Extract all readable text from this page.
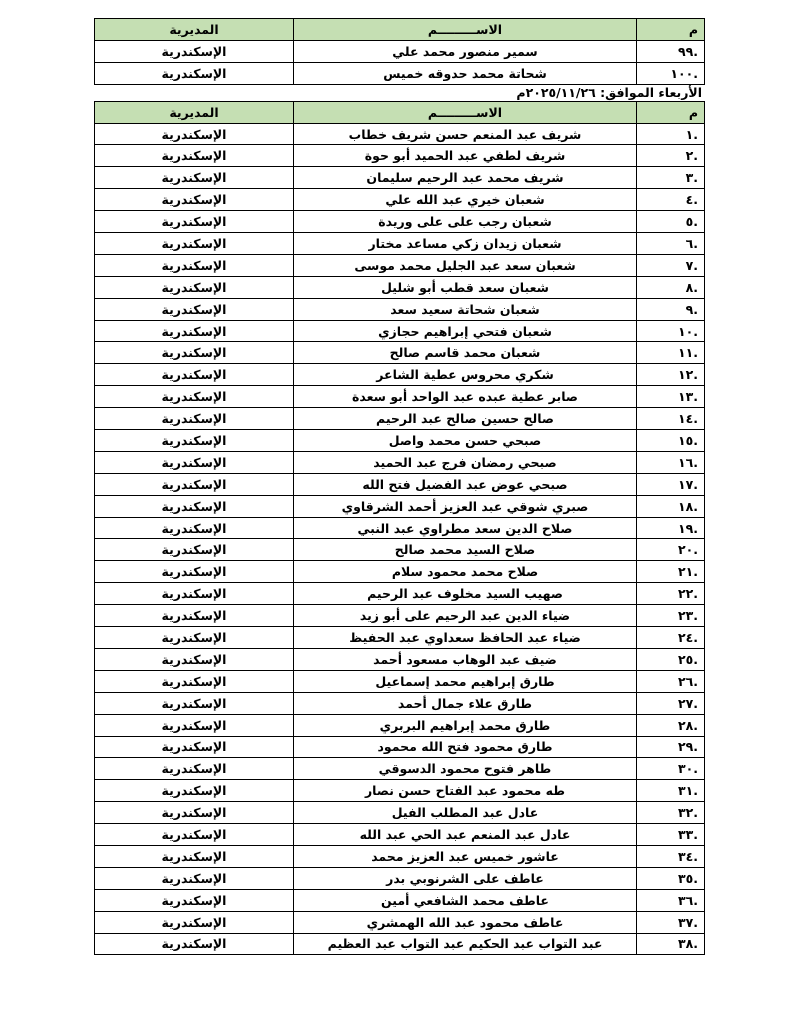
م	الاســـــــــم	المديرية
.٩٩	سمير منصور محمد علي	الإسكندرية
.١٠٠	شحاتة محمد حدوقه خميس	الإسكندرية
الأربعاء الموافق: ٢٠٢٥/١١/٢٦م
م	الاســـــــــم	المديرية
.١	شريف عبد المنعم حسن شريف خطاب	الإسكندرية
.٢	شريف لطفي عبد الحميد أبو حوة	الإسكندرية
.٣	شريف محمد عبد الرحيم سليمان	الإسكندرية
.٤	شعبان خيري عبد الله علي	الإسكندرية
.٥	شعبان رجب على على وريدة	الإسكندرية
.٦	شعبان زيدان زكي مساعد مختار	الإسكندرية
.٧	شعبان سعد عبد الجليل محمد موسى	الإسكندرية
.٨	شعبان سعد قطب أبو شليل	الإسكندرية
.٩	شعبان شحاتة سعيد سعد	الإسكندرية
.١٠	شعبان فتحي إبراهيم حجازي	الإسكندرية
.١١	شعبان محمد قاسم صالح	الإسكندرية
.١٢	شكري محروس عطية الشاعر	الإسكندرية
.١٣	صابر عطية عبده عبد الواحد أبو سعدة	الإسكندرية
.١٤	صالح حسين صالح عبد الرحيم	الإسكندرية
.١٥	صبحي حسن محمد واصل	الإسكندرية
.١٦	صبحي رمضان فرج عبد الحميد	الإسكندرية
.١٧	صبحي عوض عبد الفضيل فتح الله	الإسكندرية
.١٨	صبري شوقي عبد العزيز أحمد الشرقاوي	الإسكندرية
.١٩	صلاح الدين سعد مطراوي عبد النبي	الإسكندرية
.٢٠	صلاح السيد محمد صالح	الإسكندرية
.٢١	صلاح محمد محمود سلام	الإسكندرية
.٢٢	صهيب السيد مخلوف عبد الرحيم	الإسكندرية
.٢٣	ضياء الدين عبد الرحيم على أبو زيد	الإسكندرية
.٢٤	ضياء عبد الحافظ سعداوي عبد الحفيظ	الإسكندرية
.٢٥	ضيف عبد الوهاب مسعود أحمد	الإسكندرية
.٢٦	طارق إبراهيم محمد إسماعيل	الإسكندرية
.٢٧	طارق علاء جمال أحمد	الإسكندرية
.٢٨	طارق محمد إبراهيم البربري	الإسكندرية
.٢٩	طارق محمود فتح الله محمود	الإسكندرية
.٣٠	طاهر فتوح محمود الدسوقي	الإسكندرية
.٣١	طه محمود عبد الفتاح حسن نصار	الإسكندرية
.٣٢	عادل عبد المطلب الفيل	الإسكندرية
.٣٣	عادل عبد المنعم عبد الحي عبد الله	الإسكندرية
.٣٤	عاشور خميس عبد العزيز محمد	الإسكندرية
.٣٥	عاطف على الشرنوبي بدر	الإسكندرية
.٣٦	عاطف محمد الشافعي أمين	الإسكندرية
.٣٧	عاطف محمود عبد الله الهمشري	الإسكندرية
.٣٨	عبد التواب عبد الحكيم عبد التواب عبد العظيم	الإسكندرية
